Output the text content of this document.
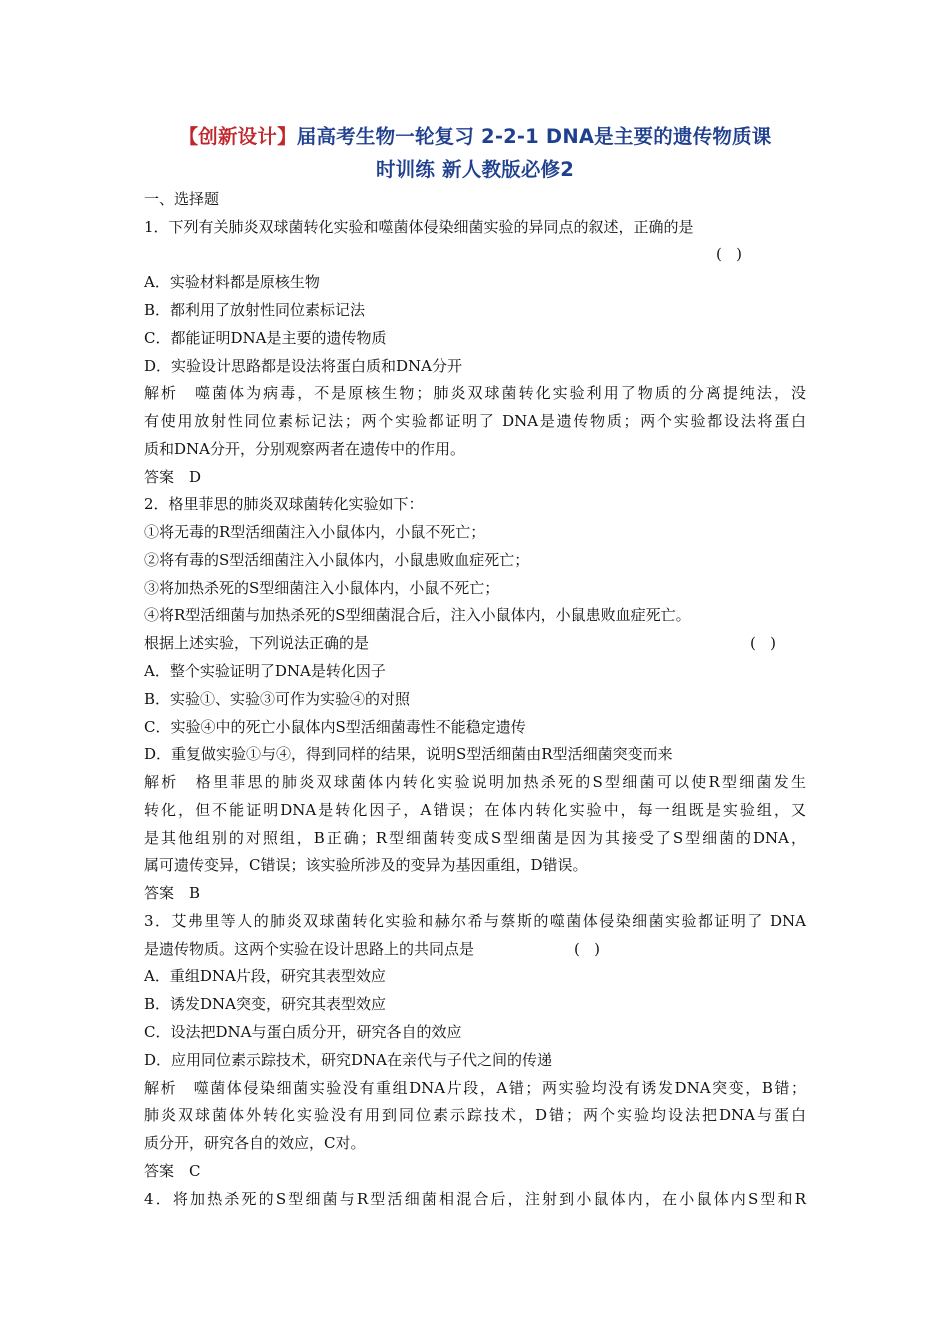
【创新设计】届高考生物一轮复习 2-2-1 DNA是主要的遗传物质课
时训练 新人教版必修2
一、选择题
1．下列有关肺炎双球菌转化实验和噬菌体侵染细菌实验的异同点的叙述，正确的是
(   )
A．实验材料都是原核生物
B．都利用了放射性同位素标记法
C．都能证明DNA是主要的遗传物质
D．实验设计思路都是设法将蛋白质和DNA分开
解析　噬菌体为病毒，不是原核生物；肺炎双球菌转化实验利用了物质的分离提纯法，没
有使用放射性同位素标记法；两个实验都证明了 DNA是遗传物质；两个实验都设法将蛋白
质和DNA分开，分别观察两者在遗传中的作用。
答案　D
2．格里菲思的肺炎双球菌转化实验如下：
①将无毒的R型活细菌注入小鼠体内，小鼠不死亡；
②将有毒的S型活细菌注入小鼠体内，小鼠患败血症死亡；
③将加热杀死的S型细菌注入小鼠体内，小鼠不死亡；
④将R型活细菌与加热杀死的S型细菌混合后，注入小鼠体内，小鼠患败血症死亡。
根据上述实验，下列说法正确的是	(   )
A．整个实验证明了DNA是转化因子
B．实验①、实验③可作为实验④的对照
C．实验④中的死亡小鼠体内S型活细菌毒性不能稳定遗传
D．重复做实验①与④，得到同样的结果，说明S型活细菌由R型活细菌突变而来
解析　格里菲思的肺炎双球菌体内转化实验说明加热杀死的S型细菌可以使R型细菌发生
转化，但不能证明DNA是转化因子，A错误；在体内转化实验中，每一组既是实验组，又
是其他组别的对照组，B正确；R型细菌转变成S型细菌是因为其接受了S型细菌的DNA，
属可遗传变异，C错误；该实验所涉及的变异为基因重组，D错误。
答案　B
3．艾弗里等人的肺炎双球菌转化实验和赫尔希与蔡斯的噬菌体侵染细菌实验都证明了 DNA
是遗传物质。这两个实验在设计思路上的共同点是	(   )
A．重组DNA片段，研究其表型效应
B．诱发DNA突变，研究其表型效应
C．设法把DNA与蛋白质分开，研究各自的效应
D．应用同位素示踪技术，研究DNA在亲代与子代之间的传递
解析　噬菌体侵染细菌实验没有重组DNA片段，A错；两实验均没有诱发DNA突变，B错；
肺炎双球菌体外转化实验没有用到同位素示踪技术，D错；两个实验均设法把DNA与蛋白
质分开，研究各自的效应，C对。
答案　C
4．将加热杀死的S型细菌与R型活细菌相混合后，注射到小鼠体内，在小鼠体内S型和R
